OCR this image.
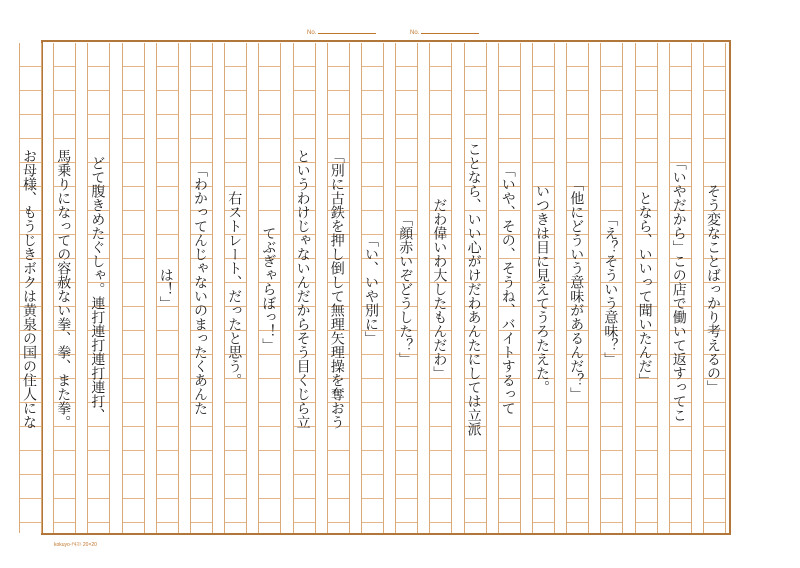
No.	No.
そう変なことばっかり考えるの」
「いやだから」この店で働いて返すってこ
となら、いいって聞いたんだ」
「え？そういう意味？」
「他にどういう意味があるんだ？」
いつきは目に見えてうろたえた。
「いや、その、そうね、バイトするって
ことなら、いい心がけだわあんたにしては立派
だわ偉いわ大したもんだわ」
「顔赤いぞどうした？」
「い、いや別に」
「別に古鉄を押し倒して無理矢理操を奪おう
というわけじゃないんだからそう目くじら立
てぶぎゃらぼっ！」
右ストレート、だったと思う。
「わかってんじゃないのまったくあんた
は！」
どて腹きめたぐしゃ。連打連打連打連打、
馬乗りになっての容赦ない拳、拳、また拳。
お母様、もうじきボクは黄泉の国の住人にな
kokuyo-ﾃｷｽﾄ 20×20
